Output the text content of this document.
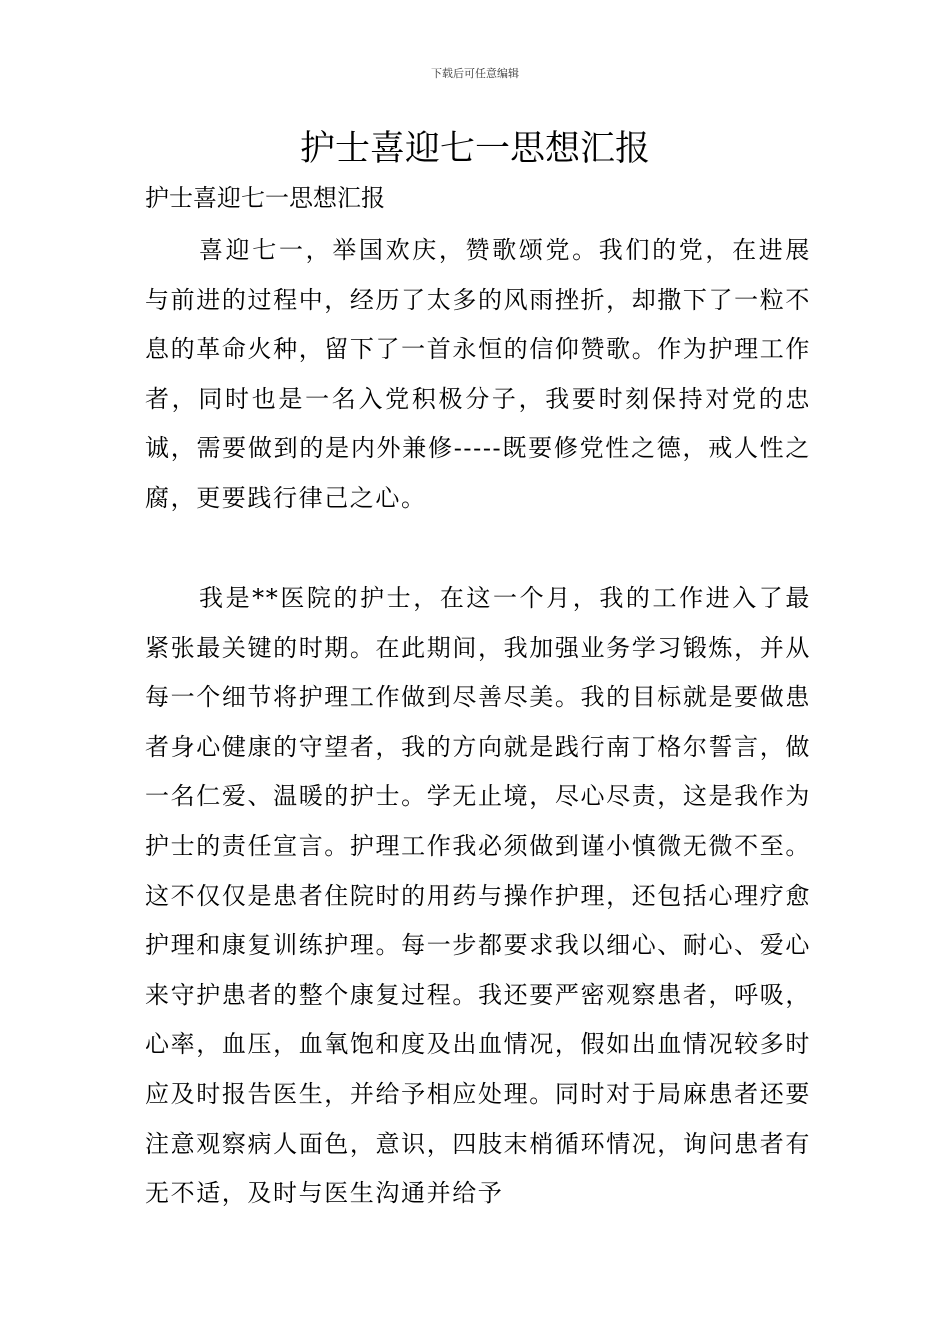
下载后可任意编辑
护士喜迎七一思想汇报

护士喜迎七一思想汇报

喜迎七一，举国欢庆，赞歌颂党。我们的党，在进展与前进的过程中，经历了太多的风雨挫折，却撒下了一粒不息的革命火种，留下了一首永恒的信仰赞歌。作为护理工作者，同时也是一名入党积极分子，我要时刻保持对党的忠诚，需要做到的是内外兼修-----既要修党性之德，戒人性之腐，更要践行律己之心。

我是**医院的护士，在这一个月，我的工作进入了最紧张最关键的时期。在此期间，我加强业务学习锻炼，并从每一个细节将护理工作做到尽善尽美。我的目标就是要做患者身心健康的守望者，我的方向就是践行南丁格尔誓言，做一名仁爱、温暖的护士。学无止境，尽心尽责，这是我作为护士的责任宣言。护理工作我必须做到谨小慎微无微不至。这不仅仅是患者住院时的用药与操作护理，还包括心理疗愈护理和康复训练护理。每一步都要求我以细心、耐心、爱心来守护患者的整个康复过程。我还要严密观察患者，呼吸，心率，血压，血氧饱和度及出血情况，假如出血情况较多时应及时报告医生，并给予相应处理。同时对于局麻患者还要注意观察病人面色，意识，四肢末梢循环情况，询问患者有无不适，及时与医生沟通并给予
